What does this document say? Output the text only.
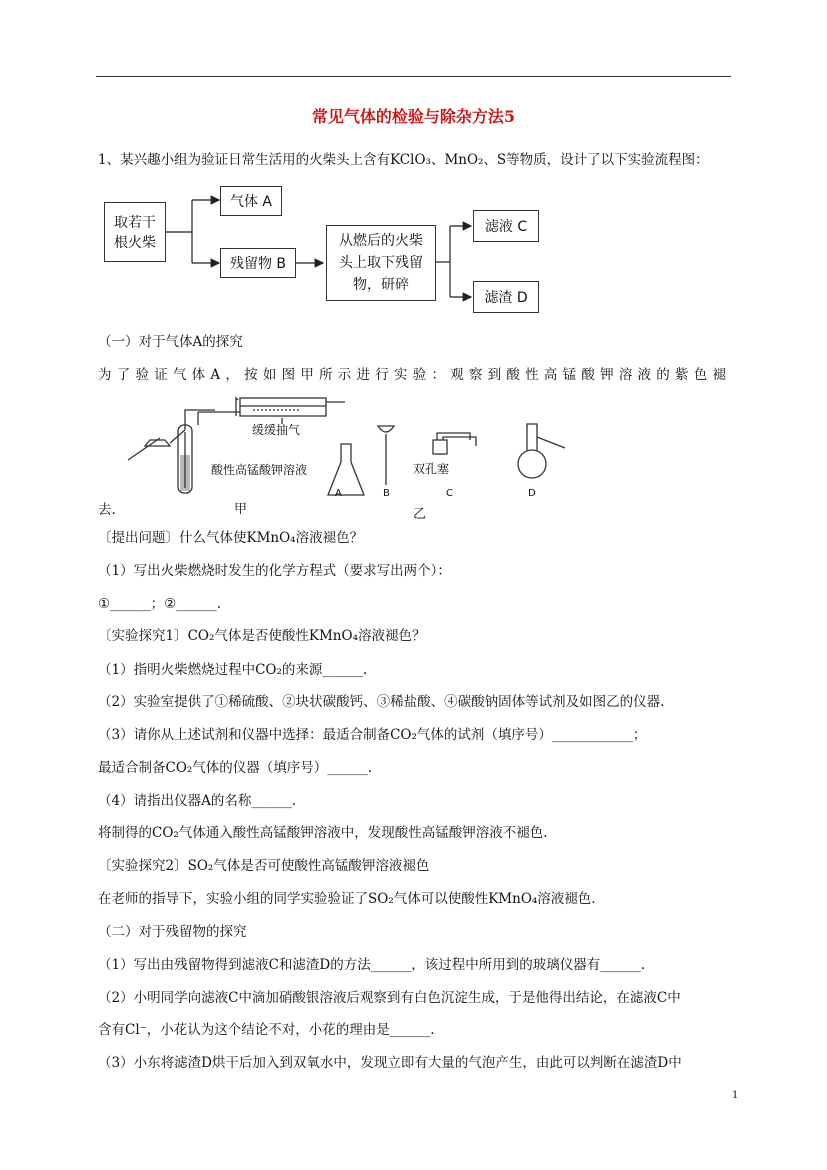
常见气体的检验与除杂方法5
1、某兴趣小组为验证日常生活用的火柴头上含有KClO₃、MnO₂、S等物质，设计了以下实验流程图：
取若干根火柴
气体 A
残留物 B
从燃后的火柴头上取下残留物，研碎
滤液 C
滤渣 D
（一）对于气体A的探究
为了验证气体A，按如图甲所示进行实验：观察到酸性高锰酸钾溶液的紫色褪
缓缓抽气
酸性高锰酸钾溶液	双孔塞
A	B	C	D
去.	甲	乙
〔提出问题〕什么气体使KMnO₄溶液褪色？
（1）写出火柴燃烧时发生的化学方程式（要求写出两个）：
①______；②______.
〔实验探究1〕CO₂气体是否使酸性KMnO₄溶液褪色？
（1）指明火柴燃烧过程中CO₂的来源______.
（2）实验室提供了①稀硫酸、②块状碳酸钙、③稀盐酸、④碳酸钠固体等试剂及如图乙的仪器.
（3）请你从上述试剂和仪器中选择：最适合制备CO₂气体的试剂（填序号）____________；
最适合制备CO₂气体的仪器（填序号）______.
（4）请指出仪器A的名称______.
将制得的CO₂气体通入酸性高锰酸钾溶液中，发现酸性高锰酸钾溶液不褪色.
〔实验探究2〕SO₂气体是否可使酸性高锰酸钾溶液褪色
在老师的指导下，实验小组的同学实验验证了SO₂气体可以使酸性KMnO₄溶液褪色.
（二）对于残留物的探究
（1）写出由残留物得到滤液C和滤渣D的方法______，该过程中所用到的玻璃仪器有______.
（2）小明同学向滤液C中滴加硝酸银溶液后观察到有白色沉淀生成，于是他得出结论，在滤液C中
含有Cl⁻，小花认为这个结论不对，小花的理由是______.
（3）小东将滤渣D烘干后加入到双氧水中，发现立即有大量的气泡产生，由此可以判断在滤渣D中
1
